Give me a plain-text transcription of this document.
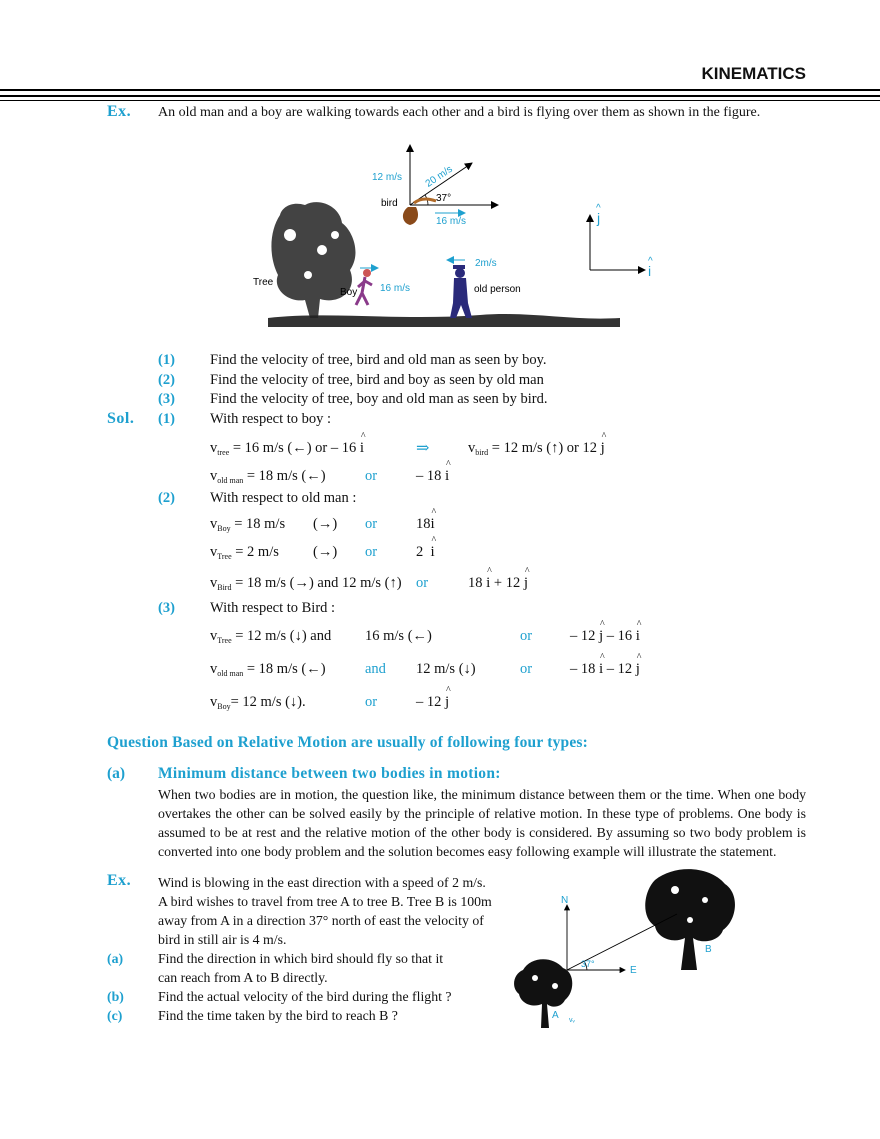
KINEMATICS
Ex. An old man and a boy are walking towards each other and a bird is flying over them as shown in the figure.
Tree
Boy 16 m/s
2m/s
old person
12 m/s 20 m/s
37°
bird
16 m/s	j
^
i
^
(1) Find the velocity of tree, bird and old man as seen by boy.
(2) Find the velocity of tree, bird and boy as seen by old man
(3) Find the velocity of tree, boy and old man as seen by bird.
Sol. (1) With respect to boy :
$v_{tree} = 16$ m/s (←) or – 16 ^ i	⇒	$v_{bird} = 12$ m/s (↑) or 12 ^ j
$v_{old man} = 18$ m/s (←)	or	– 18 ^ i
(2) With respect to old man :
$v_{Boy} = 18$ m/s (→) or	18^ i
$v_{Tree} = 2$ m/s (→) or	2 ^ i
$v_{Bird} = 18$ m/s (→) and 12 m/s (↑) or	18 ^ i + 12 ^ j
(3) With respect to Bird :
$v_{Tree} = 12$ m/s (↓) and 16 m/s (←)	or	– 12 ^ j – 16 ^ i
$v_{old man} = 18$ m/s (←)	and 12 m/s (↓)	or	– 18 ^ i – 12 ^ j
$v_{Boy}= 12$ m/s (↓).	or	– 12 ^ j
Question Based on Relative Motion are usually of following four types:
(a) Minimum distance between two bodies in motion:
When two bodies are in motion, the question like, the minimum distance between them or the time. When one body overtakes the other can be solved easily by the principle of relative motion. In these type of problems. One body is assumed to be at rest and the relative motion of the other body is considered. By assuming so two body problem is converted into one body problem and the solution becomes easy following example will illustrate the statement.
Ex. Wind is blowing in the east direction with a speed of 2 m/s.
A bird wishes to travel from tree A to tree B. Tree B is 100m
away from A in a direction 37° north of east the velocity of
bird in still air is 4 m/s.
(a)	Find the direction in which bird should fly so that it
can reach from A to B directly.
(b) Find the actual velocity of the bird during the flight ?
(c)	Find the time taken by the bird to reach B ?
B
A vᵥ
N
E
37°
